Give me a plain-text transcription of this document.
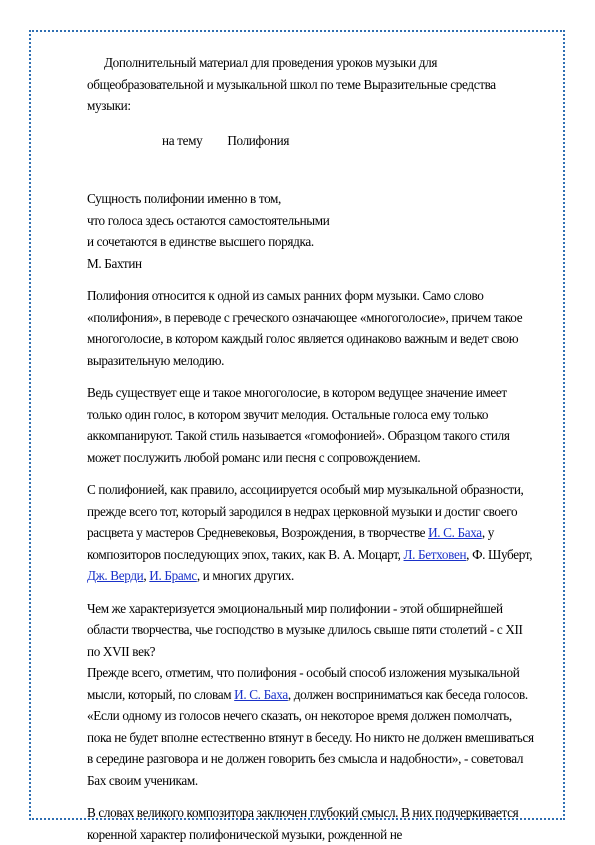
Дополнительный материал для проведения уроков музыки для общеобразовательной и музыкальной школ по теме Выразительные средства музыки:

на тему Полифония

Сущность полифонии именно в том,
что голоса здесь остаются самостоятельными
и сочетаются в единстве высшего порядка.
М. Бахтин

Полифония относится к одной из самых ранних форм музыки. Само слово «полифония», в переводе с греческого означающее «многоголосие», причем такое многоголосие, в котором каждый голос является одинаково важным и ведет свою выразительную мелодию.

Ведь существует еще и такое многоголосие, в котором ведущее значение имеет только один голос, в котором звучит мелодия. Остальные голоса ему только аккомпанируют. Такой стиль называется «гомофонией». Образцом такого стиля может послужить любой романс или песня с сопровождением.

С полифонией, как правило, ассоциируется особый мир музыкальной образности, прежде всего тот, который зародился в недрах церковной музыки и достиг своего расцвета у мастеров Средневековья, Возрождения, в творчестве И. С. Баха, у композиторов последующих эпох, таких, как В. А. Моцарт, Л. Бетховен, Ф. Шуберт, Дж. Верди, И. Брамс, и многих других.

Чем же характеризуется эмоциональный мир полифонии - этой обширнейшей области творчества, чье господство в музыке длилось свыше пяти столетий - с XII по XVII век?

Прежде всего, отметим, что полифония - особый способ изложения музыкальной мысли, который, по словам И. С. Баха, должен восприниматься как беседа голосов. «Если одному из голосов нечего сказать, он некоторое время должен помолчать, пока не будет вполне естественно втянут в беседу. Но никто не должен вмешиваться в середине разговора и не должен говорить без смысла и надобности», - советовал Бах своим ученикам.

В словах великого композитора заключен глубокий смысл. В них подчеркивается коренной характер полифонической музыки, рожденной не
